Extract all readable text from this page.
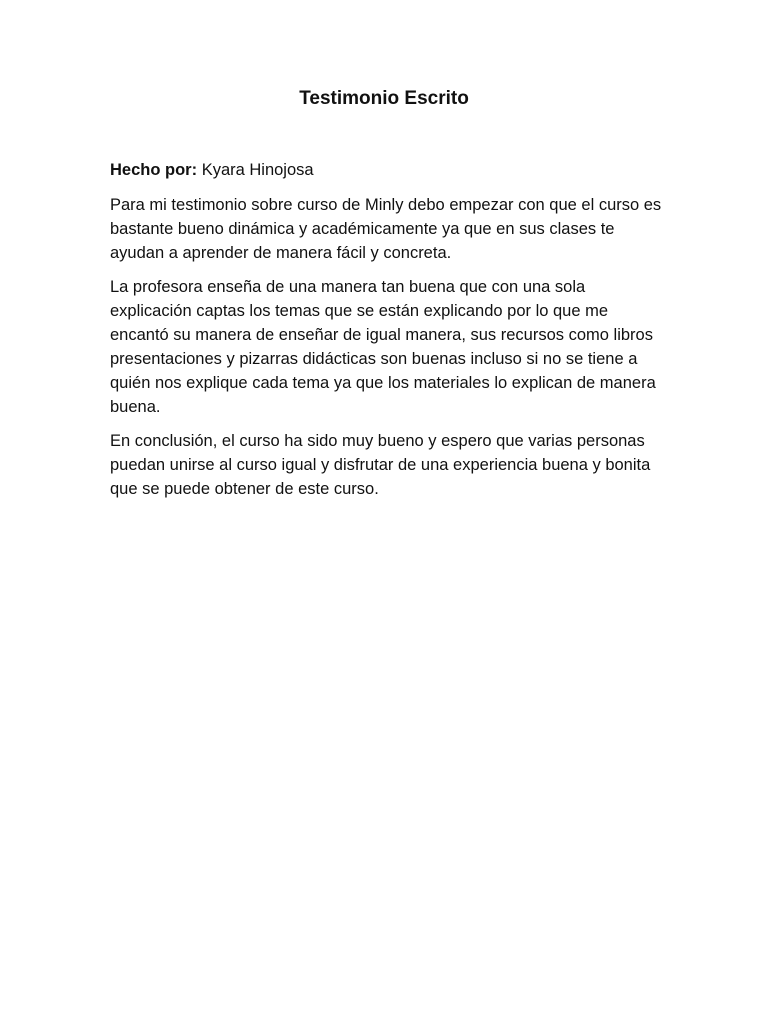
Testimonio Escrito

Hecho por: Kyara Hinojosa

Para mi testimonio sobre curso de Minly debo empezar con que el curso es bastante bueno dinámica y académicamente ya que en sus clases te ayudan a aprender de manera fácil y concreta.

La profesora enseña de una manera tan buena que con una sola explicación captas los temas que se están explicando por lo que me encantó su manera de enseñar de igual manera, sus recursos como libros presentaciones y pizarras didácticas son buenas incluso si no se tiene a quién nos explique cada tema ya que los materiales lo explican de manera buena.

En conclusión, el curso ha sido muy bueno y espero que varias personas puedan unirse al curso igual y disfrutar de una experiencia buena y bonita que se puede obtener de este curso.
